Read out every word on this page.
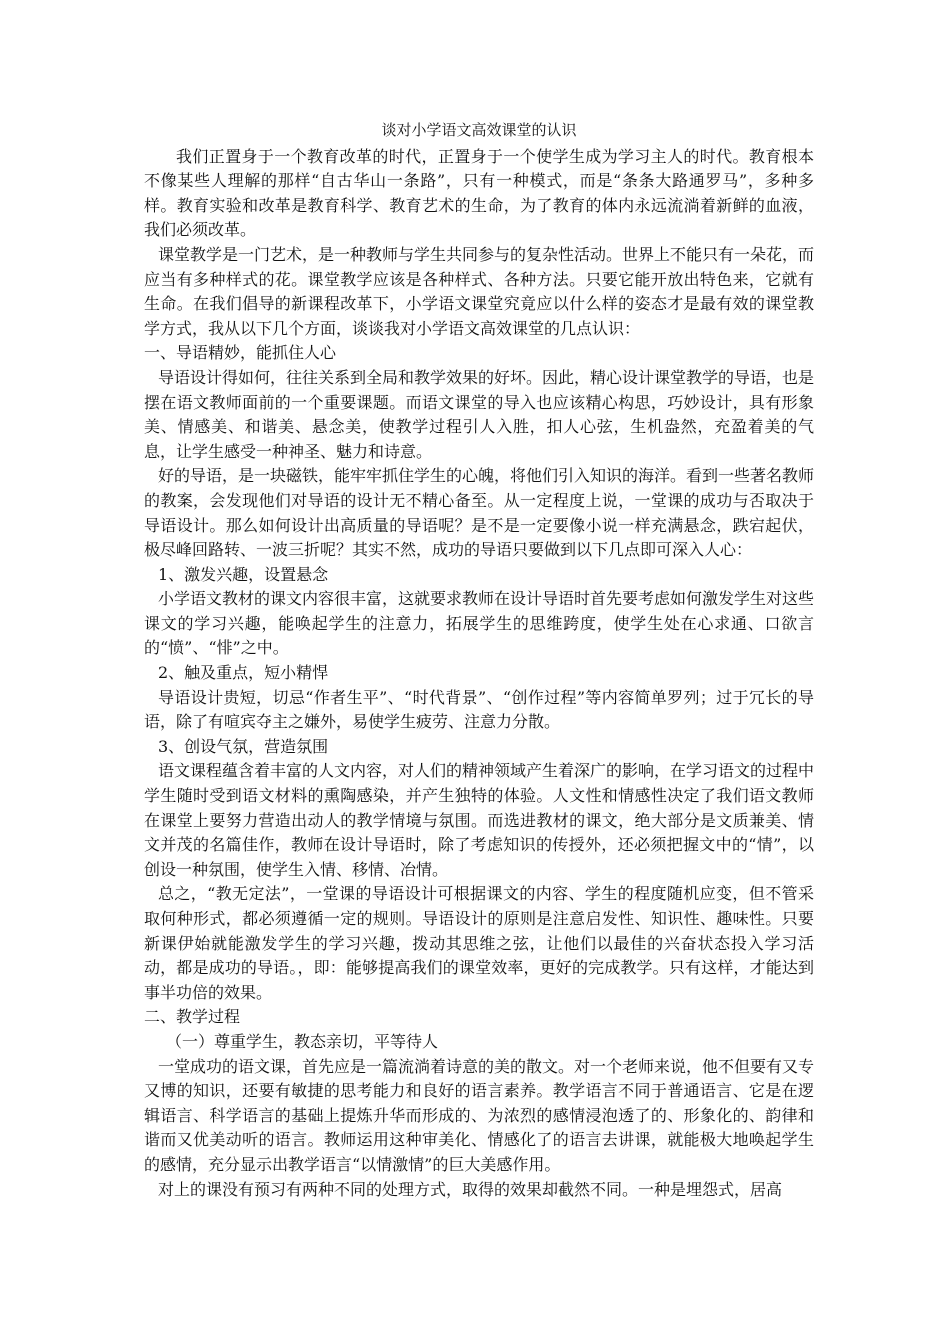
谈对小学语文高效课堂的认识

我们正置身于一个教育改革的时代，正置身于一个使学生成为学习主人的时代。教育根本不像某些人理解的那样“自古华山一条路”，只有一种模式，而是“条条大路通罗马”，多种多样。教育实验和改革是教育科学、教育艺术的生命，为了教育的体内永远流淌着新鲜的血液，我们必须改革。

课堂教学是一门艺术，是一种教师与学生共同参与的复杂性活动。世界上不能只有一朵花，而应当有多种样式的花。课堂教学应该是各种样式、各种方法。只要它能开放出特色来，它就有生命。在我们倡导的新课程改革下，小学语文课堂究竟应以什么样的姿态才是最有效的课堂教学方式，我从以下几个方面，谈谈我对小学语文高效课堂的几点认识：

一、导语精妙，能抓住人心

导语设计得如何，往往关系到全局和教学效果的好坏。因此，精心设计课堂教学的导语，也是摆在语文教师面前的一个重要课题。而语文课堂的导入也应该精心构思，巧妙设计，具有形象美、情感美、和谐美、悬念美，使教学过程引人入胜，扣人心弦，生机盎然，充盈着美的气息，让学生感受一种神圣、魅力和诗意。

好的导语，是一块磁铁，能牢牢抓住学生的心魄，将他们引入知识的海洋。看到一些著名教师的教案，会发现他们对导语的设计无不精心备至。从一定程度上说，一堂课的成功与否取决于导语设计。那么如何设计出高质量的导语呢？是不是一定要像小说一样充满悬念，跌宕起伏，极尽峰回路转、一波三折呢？其实不然，成功的导语只要做到以下几点即可深入人心：

1、激发兴趣，设置悬念

小学语文教材的课文内容很丰富，这就要求教师在设计导语时首先要考虑如何激发学生对这些课文的学习兴趣，能唤起学生的注意力，拓展学生的思维跨度，使学生处在心求通、口欲言的“愤”、“悱”之中。

2、触及重点，短小精悍

导语设计贵短，切忌“作者生平”、“时代背景”、“创作过程”等内容简单罗列；过于冗长的导语，除了有喧宾夺主之嫌外，易使学生疲劳、注意力分散。

3、创设气氛，营造氛围

语文课程蕴含着丰富的人文内容，对人们的精神领域产生着深广的影响，在学习语文的过程中学生随时受到语文材料的熏陶感染，并产生独特的体验。人文性和情感性决定了我们语文教师在课堂上要努力营造出动人的教学情境与氛围。而选进教材的课文，绝大部分是文质兼美、情文并茂的名篇佳作，教师在设计导语时，除了考虑知识的传授外，还必须把握文中的“情”，以创设一种氛围，使学生入情、移情、冶情。

总之，“教无定法”，一堂课的导语设计可根据课文的内容、学生的程度随机应变，但不管采取何种形式，都必须遵循一定的规则。导语设计的原则是注意启发性、知识性、趣味性。只要新课伊始就能激发学生的学习兴趣，拨动其思维之弦，让他们以最佳的兴奋状态投入学习活动，都是成功的导语。，即：能够提高我们的课堂效率，更好的完成教学。只有这样，才能达到事半功倍的效果。

二、教学过程

（一）尊重学生，教态亲切，平等待人

一堂成功的语文课，首先应是一篇流淌着诗意的美的散文。对一个老师来说，他不但要有又专又博的知识，还要有敏捷的思考能力和良好的语言素养。教学语言不同于普通语言、它是在逻辑语言、科学语言的基础上提炼升华而形成的、为浓烈的感情浸泡透了的、形象化的、韵律和谐而又优美动听的语言。教师运用这种审美化、情感化了的语言去讲课，就能极大地唤起学生的感情，充分显示出教学语言“以情激情”的巨大美感作用。

对上的课没有预习有两种不同的处理方式，取得的效果却截然不同。一种是埋怨式，居高
